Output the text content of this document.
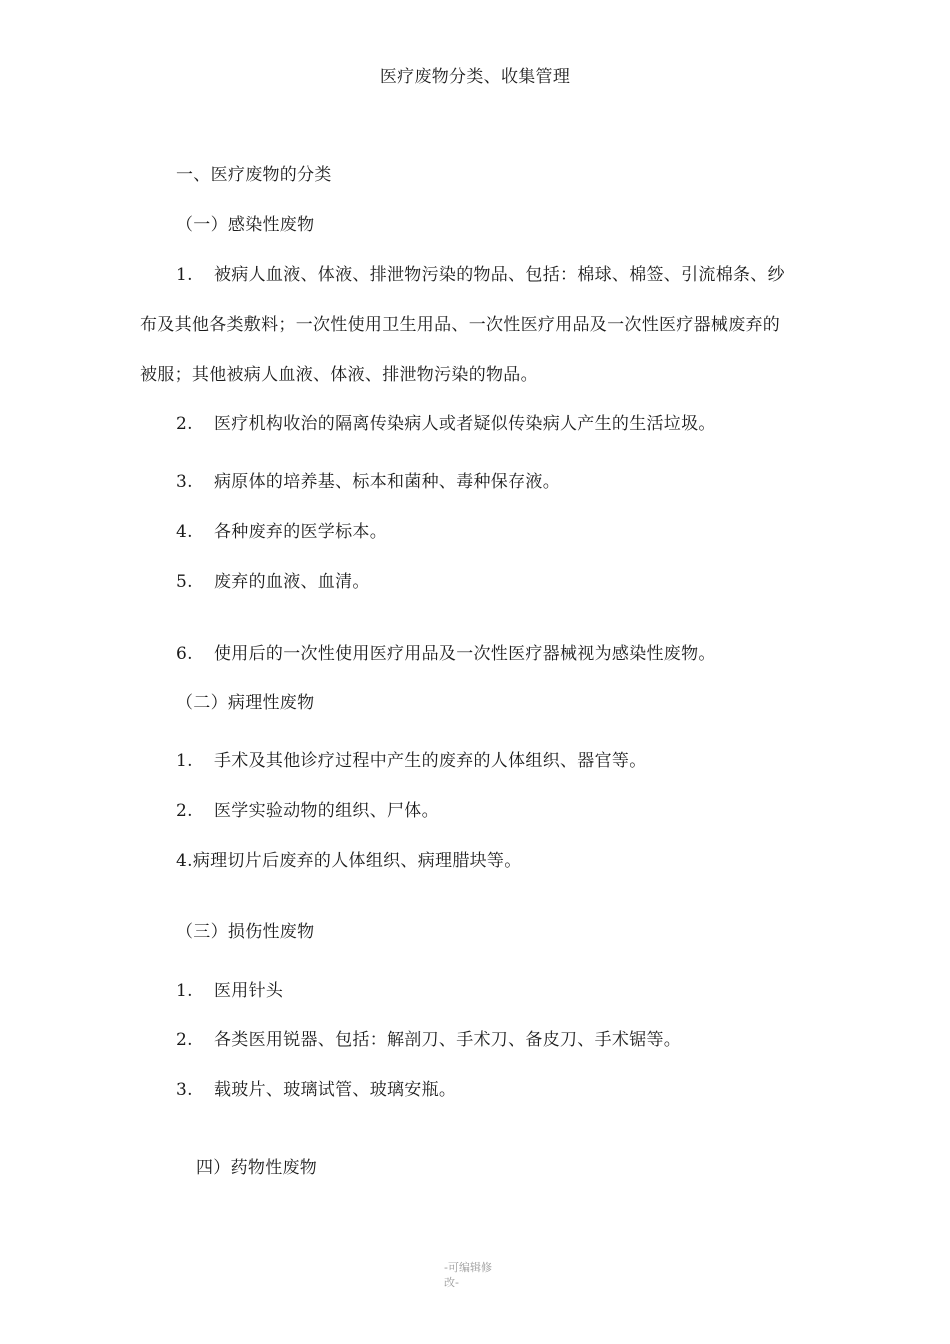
医疗废物分类、收集管理
一、医疗废物的分类
（一）感染性废物
1. 被病人血液、体液、排泄物污染的物品、包括：棉球、棉签、引流棉条、纱
布及其他各类敷料；一次性使用卫生用品、一次性医疗用品及一次性医疗器械废弃的
被服；其他被病人血液、体液、排泄物污染的物品。
2. 医疗机构收治的隔离传染病人或者疑似传染病人产生的生活垃圾。
3. 病原体的培养基、标本和菌种、毒种保存液。
4. 各种废弃的医学标本。
5. 废弃的血液、血清。
6. 使用后的一次性使用医疗用品及一次性医疗器械视为感染性废物。
（二）病理性废物
1. 手术及其他诊疗过程中产生的废弃的人体组织、器官等。
2. 医学实验动物的组织、尸体。
4.病理切片后废弃的人体组织、病理腊块等。
（三）损伤性废物
1. 医用针头
2. 各类医用锐器、包括：解剖刀、手术刀、备皮刀、手术锯等。
3. 载玻片、玻璃试管、玻璃安瓶。
四）药物性废物
-可编辑修
改-
